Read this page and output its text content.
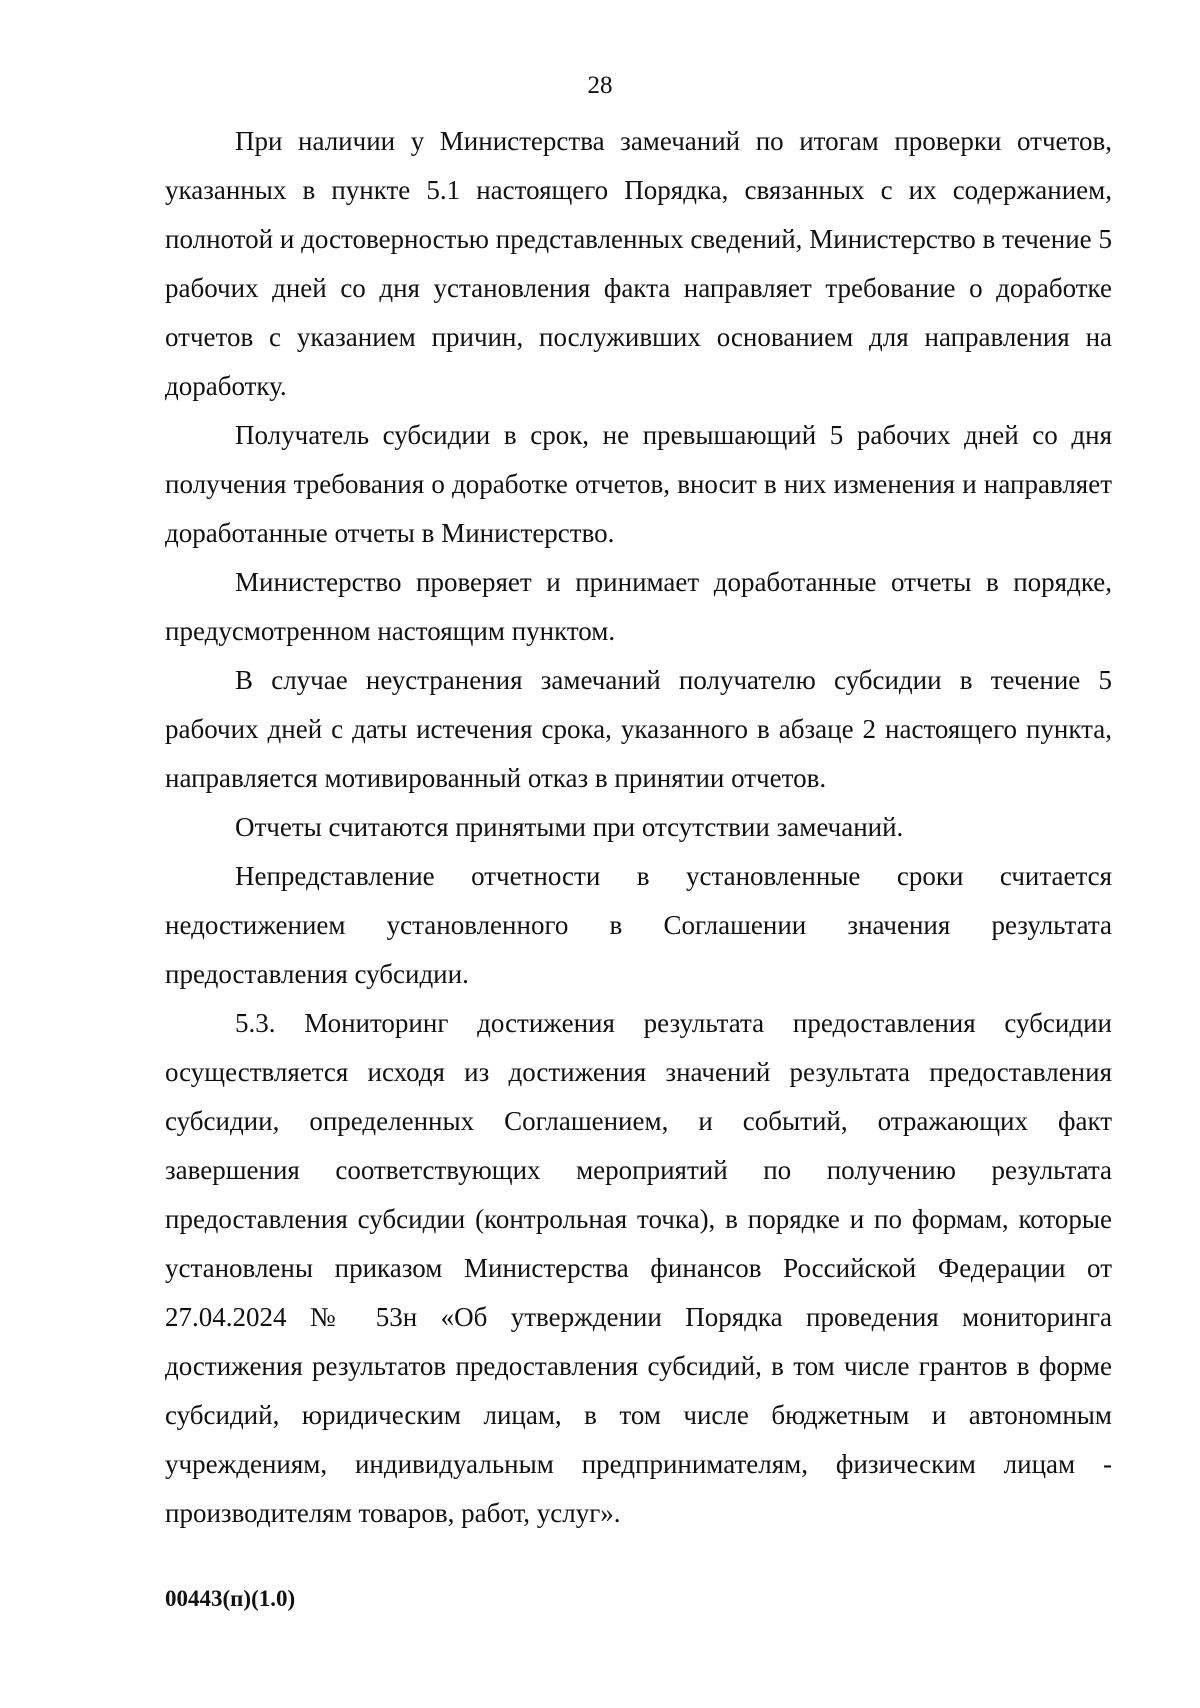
28

При наличии у Министерства замечаний по итогам проверки отчетов, указанных в пункте 5.1 настоящего Порядка, связанных с их содержанием, полнотой и достоверностью представленных сведений, Министерство в течение 5 рабочих дней со дня установления факта направляет требование о доработке отчетов с указанием причин, послуживших основанием для направления на доработку.

Получатель субсидии в срок, не превышающий 5 рабочих дней со дня получения требования о доработке отчетов, вносит в них изменения и направляет доработанные отчеты в Министерство.

Министерство проверяет и принимает доработанные отчеты в порядке, предусмотренном настоящим пунктом.

В случае неустранения замечаний получателю субсидии в течение 5 рабочих дней с даты истечения срока, указанного в абзаце 2 настоящего пункта, направляется мотивированный отказ в принятии отчетов.

Отчеты считаются принятыми при отсутствии замечаний.

Непредставление отчетности в установленные сроки считается недостижением установленного в Соглашении значения результата предоставления субсидии.

5.3. Мониторинг достижения результата предоставления субсидии осуществляется исходя из достижения значений результата предоставления субсидии, определенных Соглашением, и событий, отражающих факт завершения соответствующих мероприятий по получению результата предоставления субсидии (контрольная точка), в порядке и по формам, которые установлены приказом Министерства финансов Российской Федерации от 27.04.2024 № 53н «Об утверждении Порядка проведения мониторинга достижения результатов предоставления субсидий, в том числе грантов в форме субсидий, юридическим лицам, в том числе бюджетным и автономным учреждениям, индивидуальным предпринимателям, физическим лицам - производителям товаров, работ, услуг».

00443(п)(1.0)
